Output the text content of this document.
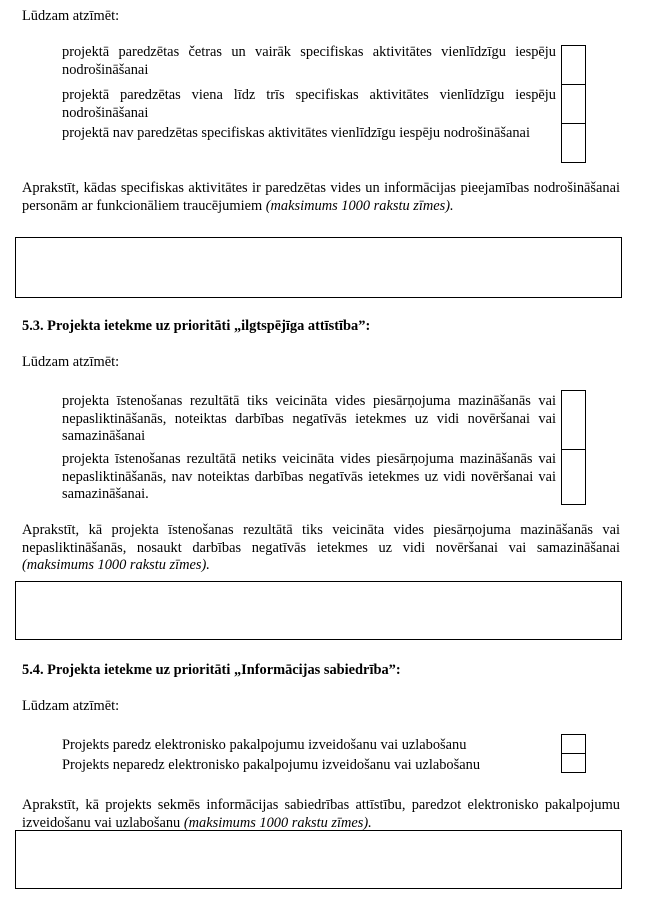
Lūdzam atzīmēt:
projektā paredzētas četras un vairāk specifiskas aktivitātes vienlīdzīgu iespēju nodrošināšanai
projektā paredzētas viena līdz trīs specifiskas aktivitātes vienlīdzīgu iespēju nodrošināšanai
projektā nav paredzētas specifiskas aktivitātes vienlīdzīgu iespēju nodrošināšanai
Aprakstīt, kādas specifiskas aktivitātes ir paredzētas vides un informācijas pieejamības nodrošināšanai personām ar funkcionāliem traucējumiem (maksimums 1000 rakstu zīmes).
5.3. Projekta ietekme uz prioritāti „ilgtspējīga attīstība”:
Lūdzam atzīmēt:
projekta īstenošanas rezultātā tiks veicināta vides piesārņojuma mazināšanās vai nepasliktināšanās, noteiktas darbības negatīvās ietekmes uz vidi novēršanai vai samazināšanai
projekta īstenošanas rezultātā netiks veicināta vides piesārņojuma mazināšanās vai nepasliktināšanās, nav noteiktas darbības negatīvās ietekmes uz vidi novēršanai vai samazināšanai.
Aprakstīt, kā projekta īstenošanas rezultātā tiks veicināta vides piesārņojuma mazināšanās vai nepasliktināšanās, nosaukt darbības negatīvās ietekmes uz vidi novēršanai vai samazināšanai (maksimums 1000 rakstu zīmes).
5.4. Projekta ietekme uz prioritāti „Informācijas sabiedrība”:
Lūdzam atzīmēt:
Projekts paredz elektronisko pakalpojumu izveidošanu vai uzlabošanu
Projekts neparedz elektronisko pakalpojumu izveidošanu vai uzlabošanu
Aprakstīt, kā projekts sekmēs informācijas sabiedrības attīstību, paredzot elektronisko pakalpojumu izveidošanu vai uzlabošanu (maksimums 1000 rakstu zīmes).
